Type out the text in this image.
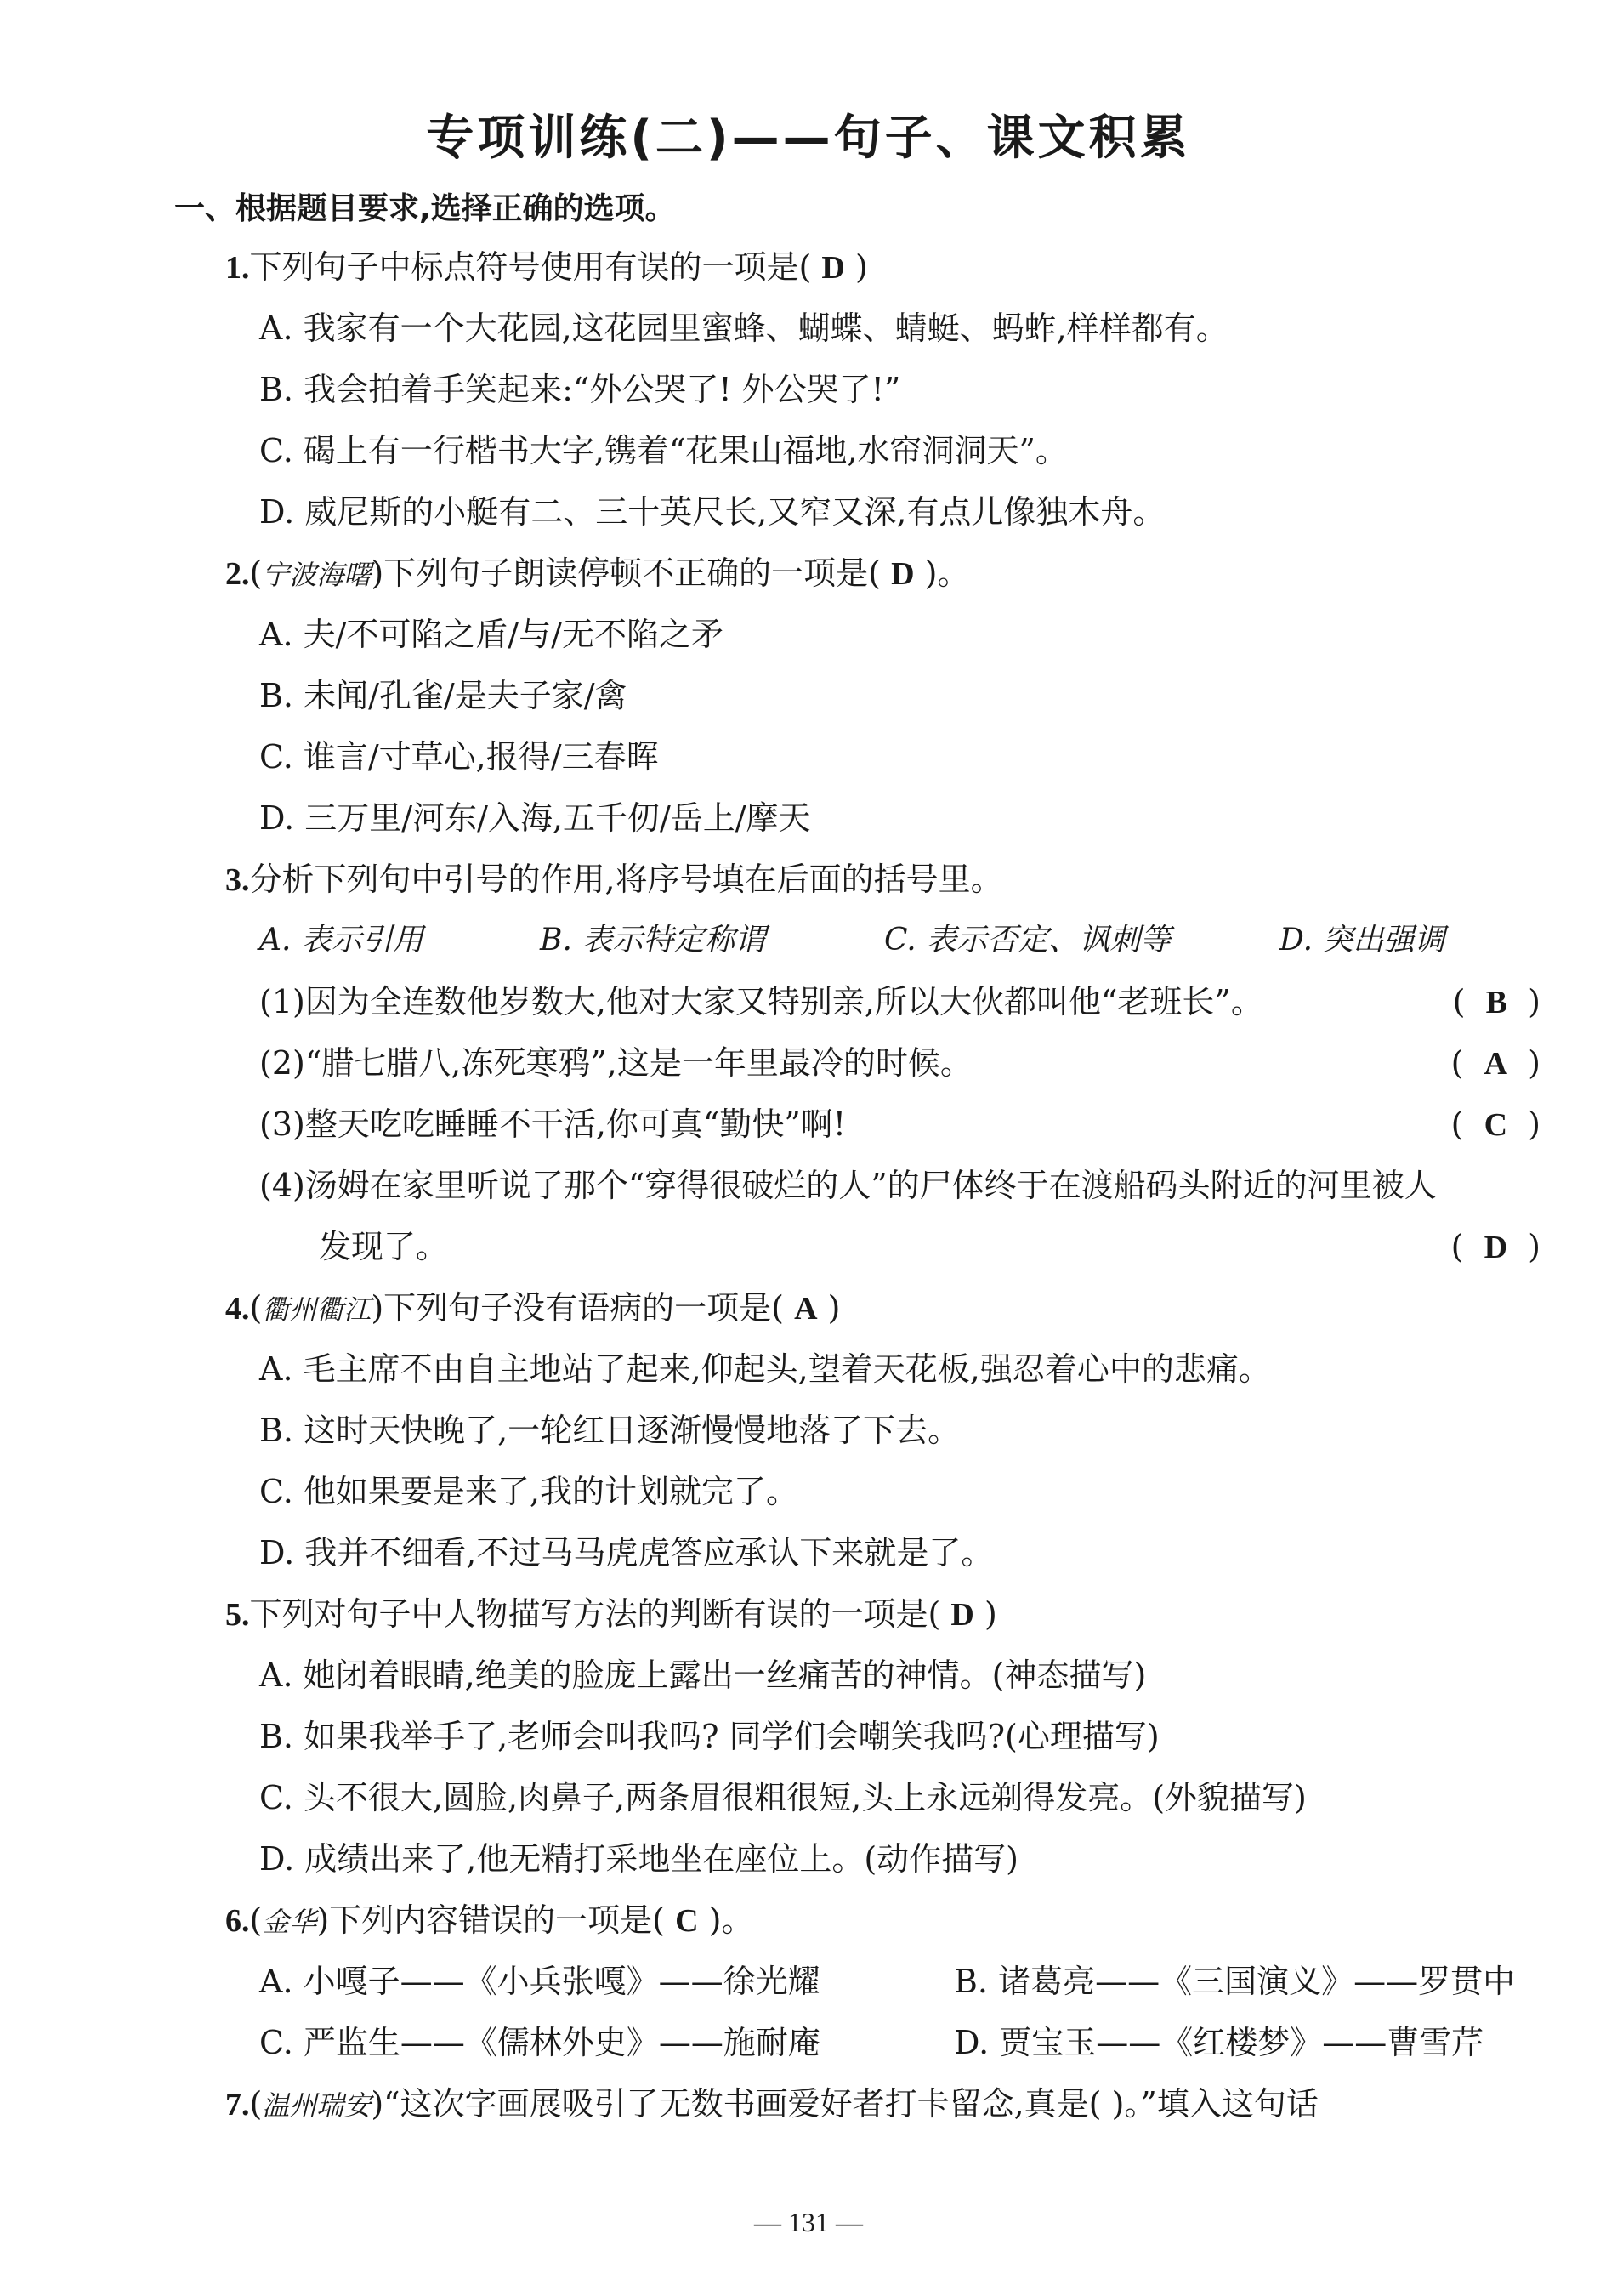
专项训练(二)——句子、课文积累
一、根据题目要求,选择正确的选项。
1.下列句子中标点符号使用有误的一项是( D )
A. 我家有一个大花园,这花园里蜜蜂、蝴蝶、蜻蜓、蚂蚱,样样都有。
B. 我会拍着手笑起来:“外公哭了! 外公哭了!”
C. 碣上有一行楷书大字,镌着“花果山福地,水帘洞洞天”。
D. 威尼斯的小艇有二、三十英尺长,又窄又深,有点儿像独木舟。
2.(宁波海曙)下列句子朗读停顿不正确的一项是( D )。
A. 夫/不可陷之盾/与/无不陷之矛
B. 未闻/孔雀/是夫子家/禽
C. 谁言/寸草心,报得/三春晖
D. 三万里/河东/入海,五千仞/岳上/摩天
3.分析下列句中引号的作用,将序号填在后面的括号里。
A. 表示引用	B. 表示特定称谓	C. 表示否定、讽刺等	D. 突出强调
(1)因为全连数他岁数大,他对大家又特别亲,所以大伙都叫他“老班长”。	(  B  )
(2)“腊七腊八,冻死寒鸦”,这是一年里最冷的时候。	(  A  )
(3)整天吃吃睡睡不干活,你可真“勤快”啊!	(  C  )
(4)汤姆在家里听说了那个“穿得很破烂的人”的尸体终于在渡船码头附近的河里被人
发现了。	(  D  )
4.(衢州衢江)下列句子没有语病的一项是( A )
A. 毛主席不由自主地站了起来,仰起头,望着天花板,强忍着心中的悲痛。
B. 这时天快晚了,一轮红日逐渐慢慢地落了下去。
C. 他如果要是来了,我的计划就完了。
D. 我并不细看,不过马马虎虎答应承认下来就是了。
5.下列对句子中人物描写方法的判断有误的一项是( D )
A. 她闭着眼睛,绝美的脸庞上露出一丝痛苦的神情。(神态描写)
B. 如果我举手了,老师会叫我吗? 同学们会嘲笑我吗?(心理描写)
C. 头不很大,圆脸,肉鼻子,两条眉很粗很短,头上永远剃得发亮。(外貌描写)
D. 成绩出来了,他无精打采地坐在座位上。(动作描写)
6.(金华)下列内容错误的一项是( C )。
A. 小嘎子——《小兵张嘎》——徐光耀	B. 诸葛亮——《三国演义》——罗贯中
C. 严监生——《儒林外史》——施耐庵	D. 贾宝玉——《红楼梦》——曹雪芹
7.(温州瑞安)“这次字画展吸引了无数书画爱好者打卡留念,真是( )。”填入这句话
— 131 —
